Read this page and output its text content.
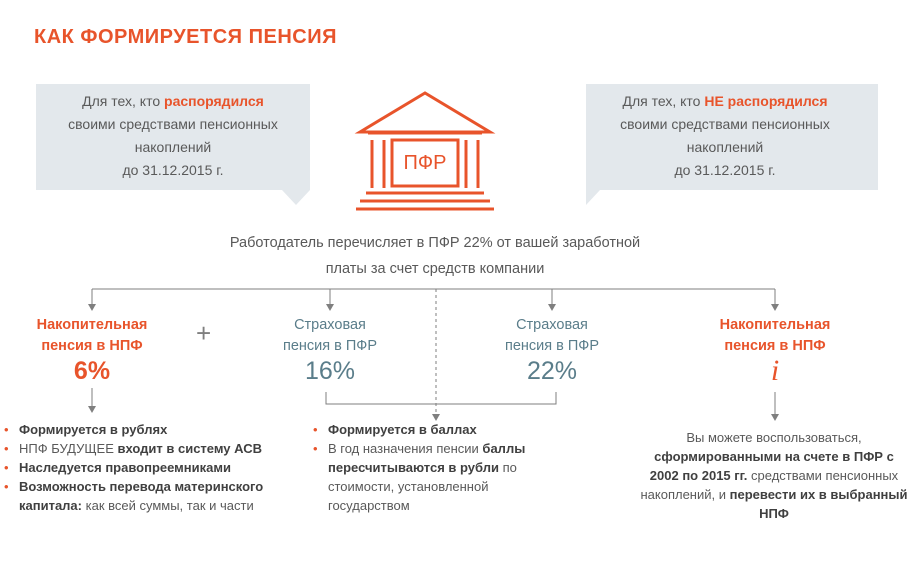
КАК ФОРМИРУЕТСЯ ПЕНСИЯ
Для тех, кто распорядился
своими средствами пенсионных
накоплений
до 31.12.2015 г.
Для тех, кто НЕ распорядился
своими средствами пенсионных
накоплений
до 31.12.2015 г.
ПФР
Работодатель перечисляет в ПФР 22% от вашей заработной
платы за счет средств компании
Накопительная
пенсия в НПФ
6%
+	Страховая
пенсия в ПФР
16%
Страховая
пенсия в ПФР
22%
Накопительная
пенсия в НПФ
i
• Формируется в рублях
• НПФ БУДУЩЕЕ входит в систему АСВ
• Наследуется правопреемниками
• Возможность перевода материнского капитала: как всей суммы, так и части
• Формируется в баллах
• В год назначения пенсии баллы пересчитываются в рубли по стоимости, установленной государством
Вы можете воспользоваться, сформированными на счете в ПФР с 2002 по 2015 гг. средствами пенсионных накоплений, и перевести их в выбранный НПФ
